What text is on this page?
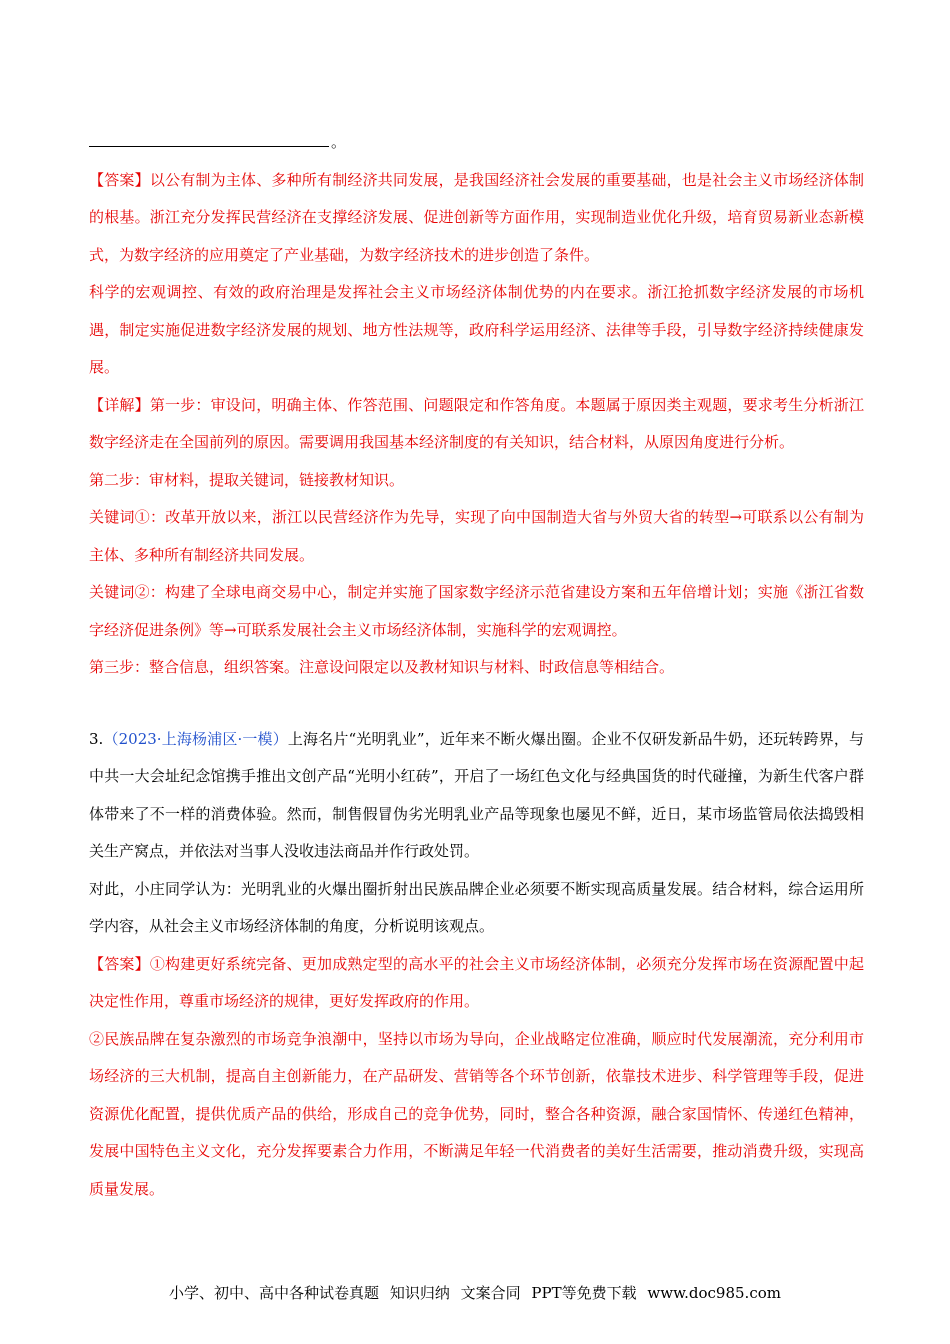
。

【答案】以公有制为主体、多种所有制经济共同发展，是我国经济社会发展的重要基础，也是社会主义市场经济体制的根基。浙江充分发挥民营经济在支撑经济发展、促进创新等方面作用，实现制造业优化升级，培育贸易新业态新模式，为数字经济的应用奠定了产业基础，为数字经济技术的进步创造了条件。

科学的宏观调控、有效的政府治理是发挥社会主义市场经济体制优势的内在要求。浙江抢抓数字经济发展的市场机遇，制定实施促进数字经济发展的规划、地方性法规等，政府科学运用经济、法律等手段，引导数字经济持续健康发展。

【详解】第一步：审设问，明确主体、作答范围、问题限定和作答角度。本题属于原因类主观题，要求考生分析浙江数字经济走在全国前列的原因。需要调用我国基本经济制度的有关知识，结合材料，从原因角度进行分析。

第二步：审材料，提取关键词，链接教材知识。

关键词①：改革开放以来，浙江以民营经济作为先导，实现了向中国制造大省与外贸大省的转型→可联系以公有制为主体、多种所有制经济共同发展。

关键词②：构建了全球电商交易中心，制定并实施了国家数字经济示范省建设方案和五年倍增计划；实施《浙江省数字经济促进条例》等→可联系发展社会主义市场经济体制，实施科学的宏观调控。

第三步：整合信息，组织答案。注意设问限定以及教材知识与材料、时政信息等相结合。

3.（2023·上海杨浦区·一模）上海名片“光明乳业”，近年来不断火爆出圈。企业不仅研发新品牛奶，还玩转跨界，与中共一大会址纪念馆携手推出文创产品“光明小红砖”，开启了一场红色文化与经典国货的时代碰撞，为新生代客户群体带来了不一样的消费体验。然而，制售假冒伪劣光明乳业产品等现象也屡见不鲜，近日，某市场监管局依法捣毁相关生产窝点，并依法对当事人没收违法商品并作行政处罚。

对此，小庄同学认为：光明乳业的火爆出圈折射出民族品牌企业必须要不断实现高质量发展。结合材料，综合运用所学内容，从社会主义市场经济体制的角度，分析说明该观点。

【答案】①构建更好系统完备、更加成熟定型的高水平的社会主义市场经济体制，必须充分发挥市场在资源配置中起决定性作用，尊重市场经济的规律，更好发挥政府的作用。

②民族品牌在复杂激烈的市场竞争浪潮中，坚持以市场为导向，企业战略定位准确，顺应时代发展潮流，充分利用市场经济的三大机制，提高自主创新能力，在产品研发、营销等各个环节创新，依靠技术进步、科学管理等手段，促进资源优化配置，提供优质产品的供给，形成自己的竞争优势，同时，整合各种资源，融合家国情怀、传递红色精神，发展中国特色主义文化，充分发挥要素合力作用，不断满足年轻一代消费者的美好生活需要，推动消费升级，实现高质量发展。

小学、初中、高中各种试卷真题 知识归纳 文案合同 PPT等免费下载 www.doc985.com
